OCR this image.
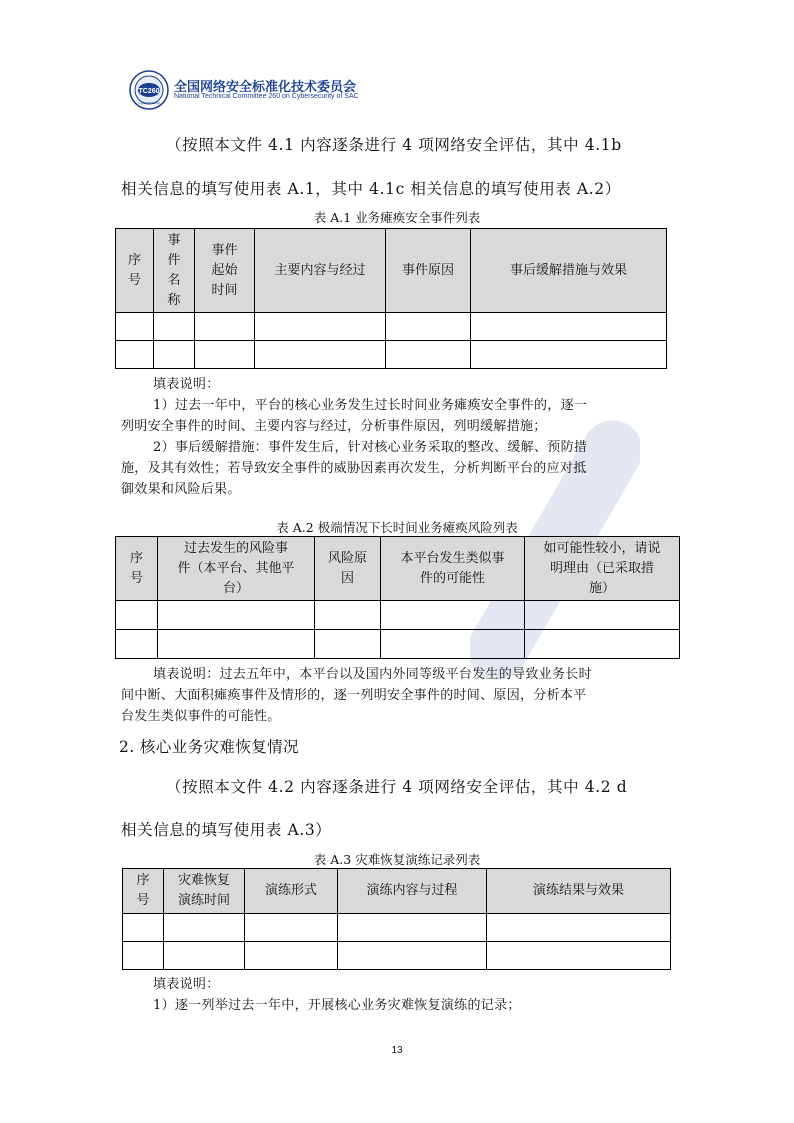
TC260
Cybersecurity
全国网络安全标准化技术委员会
National Technical Committee 260 on Cybersecurity of SAC
（按照本文件 4.1 内容逐条进行 4 项网络安全评估，其中 4.1b
相关信息的填写使用表 A.1，其中 4.1c 相关信息的填写使用表 A.2）
表 A.1 业务瘫痪安全事件列表
序
号	事
件
名
称	事件
起始
时间	主要内容与经过	事件原因	事后缓解措施与效果

填表说明：
1）过去一年中，平台的核心业务发生过长时间业务瘫痪安全事件的，逐一
列明安全事件的时间、主要内容与经过，分析事件原因，列明缓解措施；
2）事后缓解措施：事件发生后，针对核心业务采取的整改、缓解、预防措
施，及其有效性；若导致安全事件的威胁因素再次发生，分析判断平台的应对抵
御效果和风险后果。
表 A.2 极端情况下长时间业务瘫痪风险列表
序
号	过去发生的风险事
件（本平台、其他平
台）	风险原
因	本平台发生类似事
件的可能性	如可能性较小，请说
明理由（已采取措
施）

填表说明：过去五年中，本平台以及国内外同等级平台发生的导致业务长时
间中断、大面积瘫痪事件及情形的，逐一列明安全事件的时间、原因，分析本平
台发生类似事件的可能性。
2. 核心业务灾难恢复情况
（按照本文件 4.2 内容逐条进行 4 项网络安全评估，其中 4.2 d
相关信息的填写使用表 A.3）
表 A.3 灾难恢复演练记录列表
序
号	灾难恢复
演练时间	演练形式	演练内容与过程	演练结果与效果

填表说明：
1）逐一列举过去一年中，开展核心业务灾难恢复演练的记录；
13
